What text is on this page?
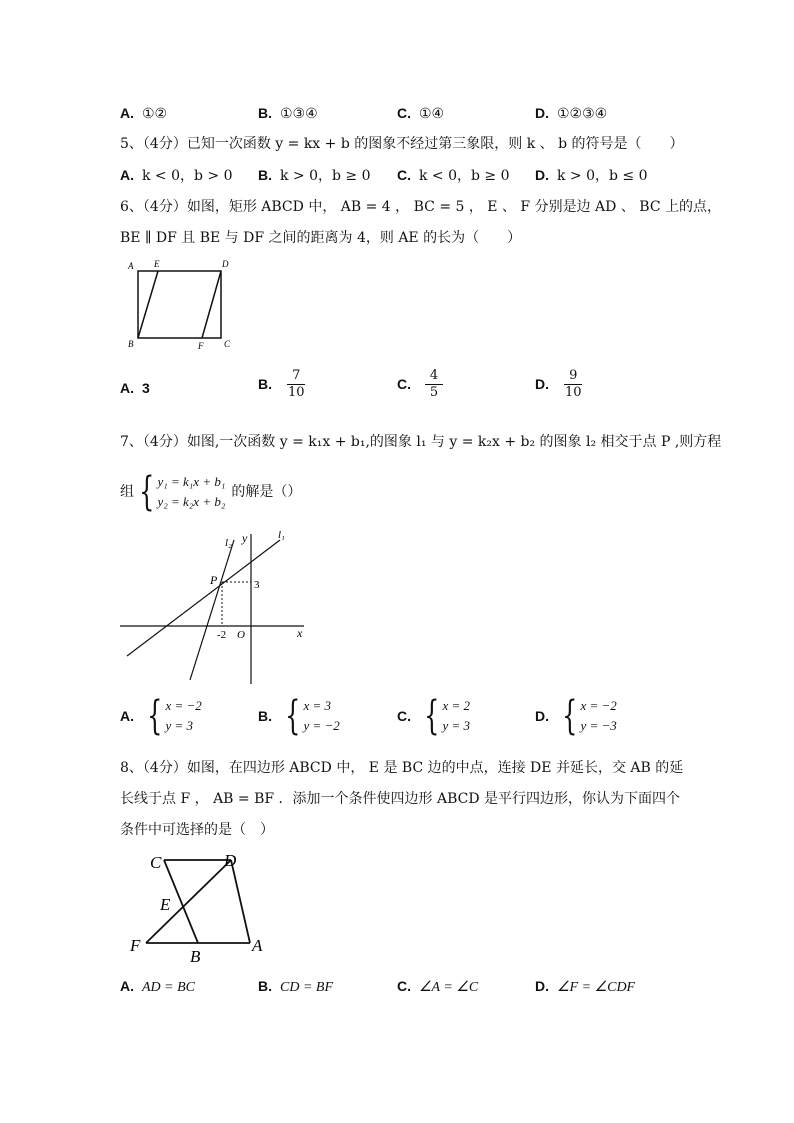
A. ①②	B. ①③④	C. ①④	D. ①②③④
5、（4分）已知一次函数 y = kx + b 的图象不经过第三象限，则 k 、 b 的符号是（　　）
A. k < 0，b > 0 B. k > 0，b ≥ 0 C. k < 0，b ≥ 0 D. k > 0，b ≤ 0
6、（4分）如图，矩形 ABCD 中， AB = 4 ， BC = 5 ， E 、 F 分别是边 AD 、 BC 上的点，
BE ∥ DF 且 BE 与 DF 之间的距离为 4，则 AE 的长为（　　）
A E	D
B	F C
A. 3	B. $\frac{7}{10}$	C. $\frac{4}{5}$	D. $\frac{9}{10}$
7、（4分）如图,一次函数 y = k₁x + b₁,的图象 l₁ 与 y = k₂x + b₂ 的图象 l₂ 相交于点 P ,则方程
组 { y₁ = k₁x + b₁
y₂ = k₂x + b₂
的解是（）
l₂ y	l₁
P	3
-2 O	x
A. { x = −2
y = 3
B. { x = 3
y = −2
C. { x = 2
y = 3
D. { x = −2
y = −3
8、（4分）如图，在四边形 ABCD 中， E 是 BC 边的中点，连接 DE 并延长，交 AB 的延
长线于点 F ， AB = BF ．添加一个条件使四边形 ABCD 是平行四边形，你认为下面四个
条件中可选择的是（　）
C	D
E
F
B
A
A. AD = BC	B. CD = BF	C. ∠A = ∠C	D. ∠F = ∠CDF
